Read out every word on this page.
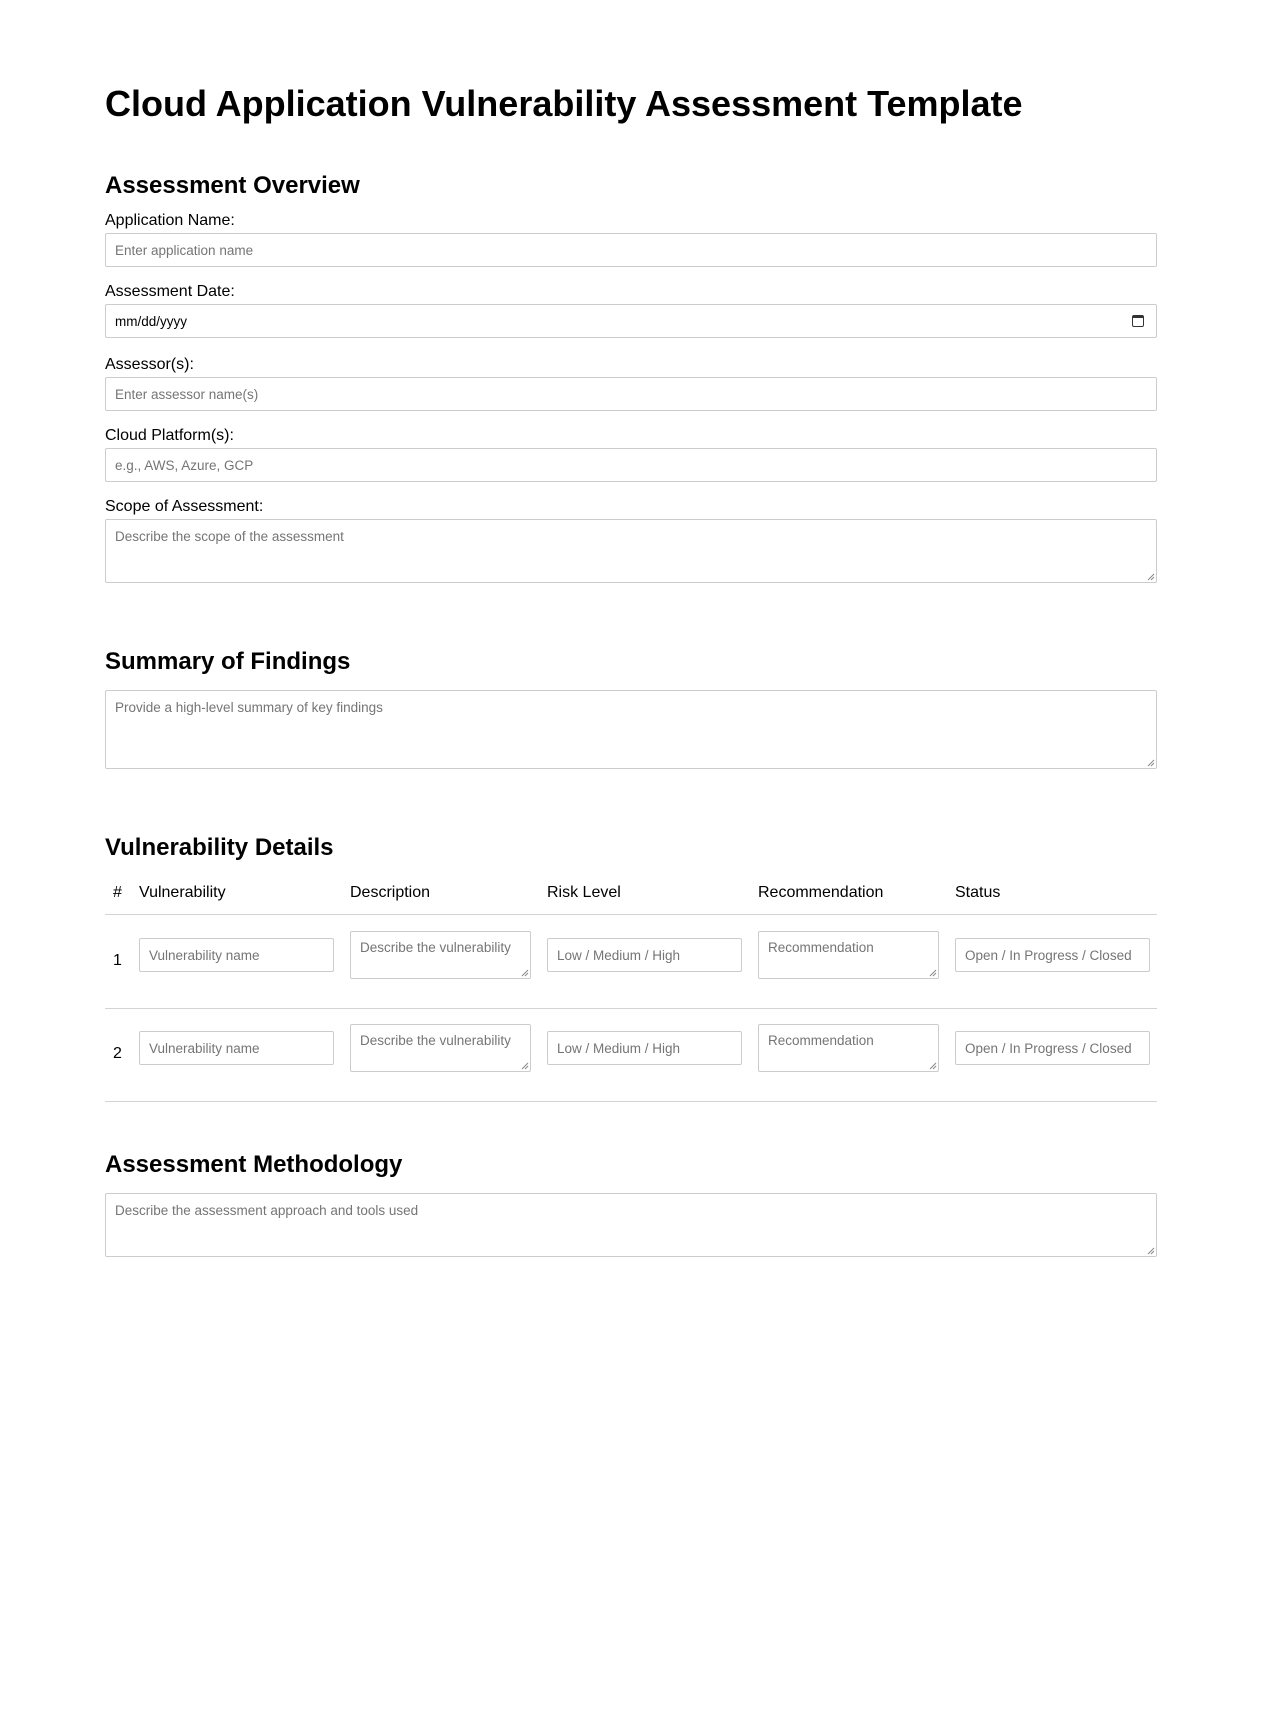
Cloud Application Vulnerability Assessment Template
Assessment Overview
Application Name:
Enter application name
Assessment Date:
mm/dd/yyyy
Assessor(s):
Enter assessor name(s)
Cloud Platform(s):
e.g., AWS, Azure, GCP
Scope of Assessment:
Describe the scope of the assessment
Summary of Findings
Provide a high-level summary of key findings
Vulnerability Details
# Vulnerability	Description	Risk Level	Recommendation	Status
1 Vulnerability name	Describe the vulnerability	Low / Medium / High	Recommendation	Open / In Progress / Closed
2 Vulnerability name	Describe the vulnerability	Low / Medium / High	Recommendation	Open / In Progress / Closed
Assessment Methodology
Describe the assessment approach and tools used
